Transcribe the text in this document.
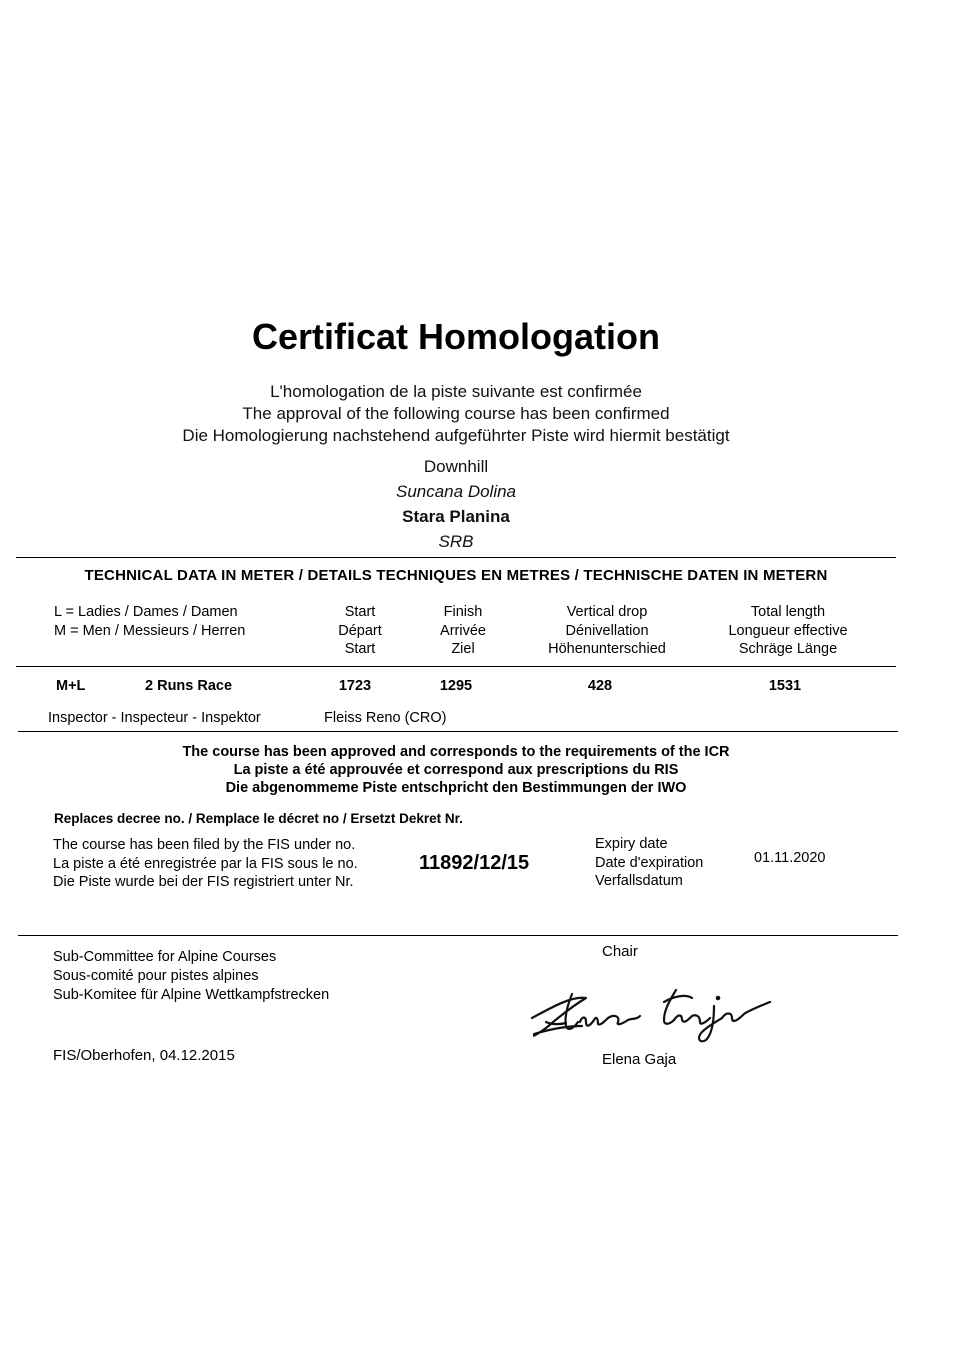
Certificat Homologation
L'homologation de la piste suivante est confirmée
The approval of the following course has been confirmed
Die Homologierung nachstehend aufgeführter Piste wird hiermit bestätigt
Downhill
Suncana Dolina
Stara Planina
SRB
TECHNICAL DATA IN METER / DETAILS TECHNIQUES EN METRES / TECHNISCHE DATEN IN METERN
L = Ladies / Dames / Damen
M = Men / Messieurs / Herren
Start
Départ
Start
Finish
Arrivée
Ziel
Vertical drop
Dénivellation
Höhenunterschied
Total length
Longueur effective
Schräge Länge
M+L	2 Runs Race	1723	1295	428	1531
Inspector - Inspecteur - Inspektor	Fleiss Reno (CRO)
The course has been approved and corresponds to the requirements of the ICR
La piste a été approuvée et correspond aux prescriptions du RIS
Die abgenommeme Piste entschpricht den Bestimmungen der IWO
Replaces decree no. / Remplace le décret no / Ersetzt Dekret Nr.
The course has been filed by the FIS under no.
La piste a été enregistrée par la FIS sous le no.
Die Piste wurde bei der FIS registriert unter Nr.
11892/12/15
Expiry date
Date d'expiration
Verfallsdatum
01.11.2020
Sub-Committee for Alpine Courses
Sous-comité pour pistes alpines
Sub-Komitee für Alpine Wettkampfstrecken
Chair
FIS/Oberhofen, 04.12.2015	Elena Gaja
